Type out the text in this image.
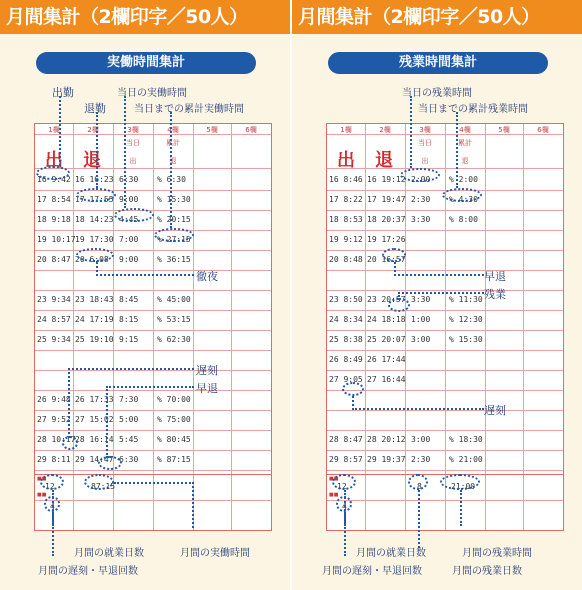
月間集計（2欄印字／50人）
実働時間集計
出勤
退勤
当日の実働時間
当日までの累計実働時間
1欄	2欄	3欄	4欄	5欄	6欄
当日	累計
出	退
出 退
16 9:42 16 16:23 6:30 % 6:30
17 8:54 17 17:55 9:00 % 15:30
18 9:18 18 14:23 4:45 % 20:15
19 10:17 19 17:30 7:00 % 27:15
20 8:47 20 6:08 9:00 % 36:15
23 9:34 23 18:43 8:45 % 45:00
24 8:57 24 17:19 8:15 % 53:15
25 9:34 25 19:10 9:15 % 62:30
26 9:48 26 17:33 7:30 % 70:00
27 9:52 27 15:02 5:00 % 75:00
28 10:17 28 16:14 5:45 % 80:45
29 8:11 29 14:47 6:30 % 87:15
■■
■■
12	87:15
4
徹夜
遅刻
早退
月間の就業日数	月間の実働時間
月間の遅刻・早退回数
月間集計（2欄印字／50人）
残業時間集計
当日の残業時間
当日までの累計残業時間
1欄	2欄	3欄	4欄	5欄	6欄
当日	累計
出	退
出 退
16 8:46 16 19:12 2:00 % 2:00
17 8:22 17 19:47 2:30 % 4:30
18 8:53 18 20:37 3:30 % 8:00
19 9:12 19 17:26
20 8:48 20 16:57
23 8:50 23 20:57 3:30 % 11:30
24 8:34 24 18:18 1:00 % 12:30
25 8:38 25 20:07 3:00 % 15:30
26 8:49 26 17:44
27 9:05 27 16:44
28 8:47 28 20:12 3:00 % 18:30
29 8:57 29 19:37 2:30 % 21:00
■■
■■
12	8	21:00
4
早退
残業
遅刻
月間の就業日数	月間の残業時間
月間の遅刻・早退回数	月間の残業日数
